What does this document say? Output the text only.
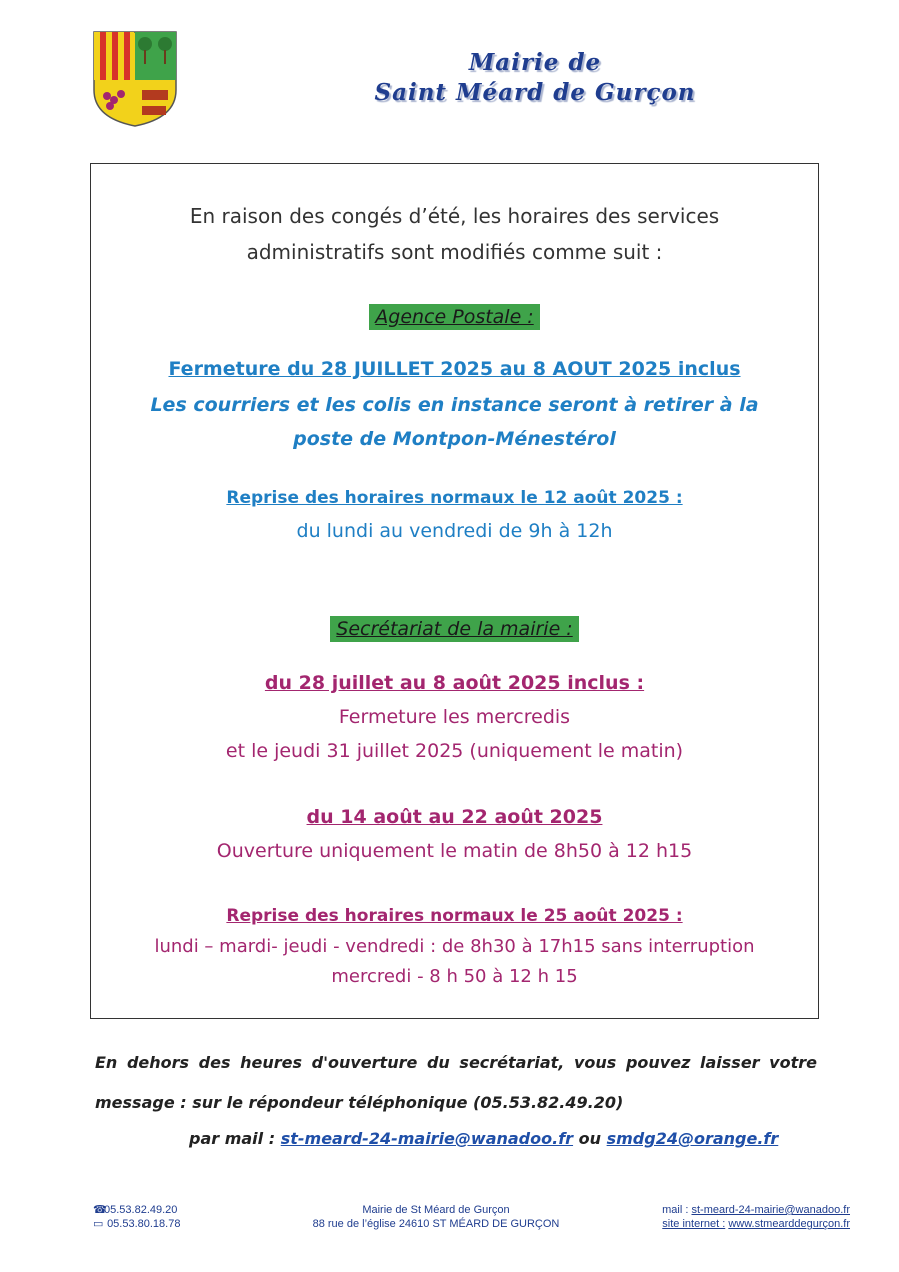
Mairie de
Saint Méard de Gurçon
En raison des congés d’été, les horaires des services
administratifs sont modifiés comme suit :
Agence Postale :
Fermeture du 28 JUILLET 2025 au 8 AOUT 2025 inclus
Les courriers et les colis en instance seront à retirer à la
poste de Montpon-Ménestérol
Reprise des horaires normaux le 12 août 2025 :
du lundi au vendredi de 9h à 12h
Secrétariat de la mairie :
du 28 juillet au 8 août 2025 inclus :
Fermeture les mercredis
et le jeudi 31 juillet 2025 (uniquement le matin)
du 14 août au 22 août 2025
Ouverture uniquement le matin de 8h50 à 12 h15
Reprise des horaires normaux le 25 août 2025 :
lundi – mardi- jeudi - vendredi : de 8h30 à 17h15 sans interruption
mercredi - 8 h 50 à 12 h 15
En dehors des heures d'ouverture du secrétariat, vous pouvez laisser votre
message : sur le répondeur téléphonique (05.53.82.49.20)
par mail : st-meard-24-mairie@wanadoo.fr ou smdg24@orange.fr
☎05.53.82.49.20
▭ 05.53.80.18.78
Mairie de St Méard de Gurçon
88 rue de l’église 24610 ST MÉARD DE GURÇON
mail : st-meard-24-mairie@wanadoo.fr
site internet : www.stmearddegurçon.fr
